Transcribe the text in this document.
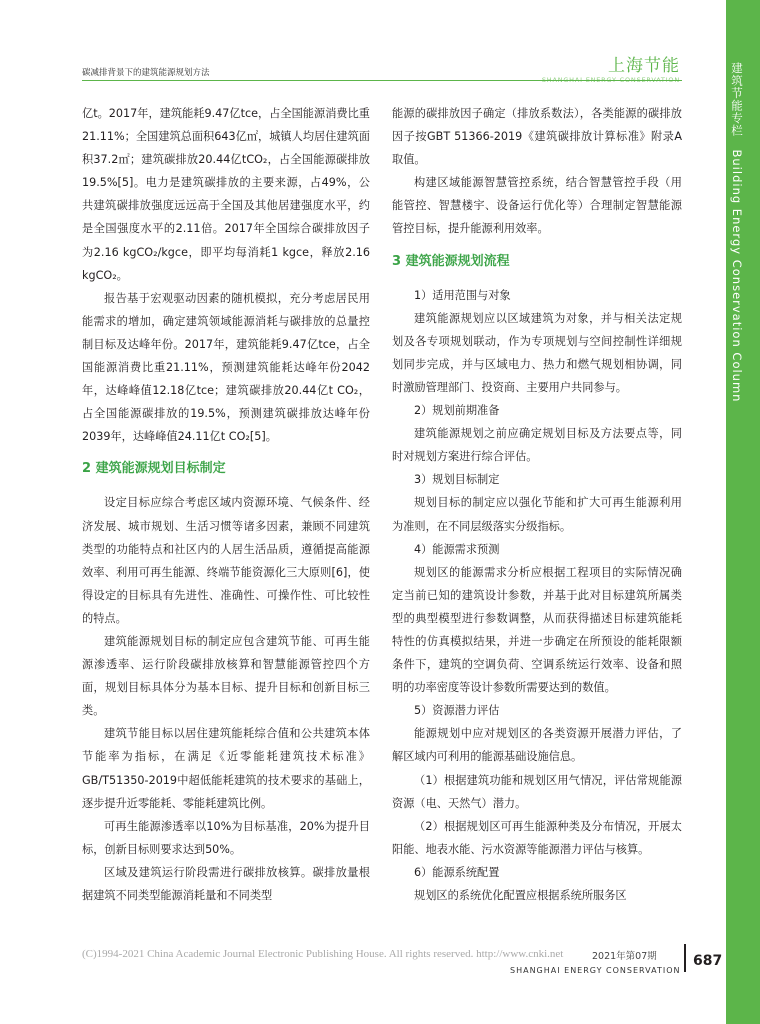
建筑节能专栏　Building Energy Conservation Column
碳减排背景下的建筑能源规划方法	上海节能
SHANGHAI ENERGY CONSERVATION

亿t。2017年，建筑能耗9.47亿tce，占全国能源消费比重21.11%；全国建筑总面积643亿㎡，城镇人均居住建筑面积37.2㎡；建筑碳排放20.44亿tCO₂，占全国能源碳排放19.5%[5]。电力是建筑碳排放的主要来源，占49%，公共建筑碳排放强度远远高于全国及其他居建强度水平，约是全国强度水平的2.11倍。2017年全国综合碳排放因子为2.16 kgCO₂/kgce，即平均每消耗1 kgce，释放2.16 kgCO₂。

报告基于宏观驱动因素的随机模拟，充分考虑居民用能需求的增加，确定建筑领域能源消耗与碳排放的总量控制目标及达峰年份。2017年，建筑能耗9.47亿tce，占全国能源消费比重21.11%，预测建筑能耗达峰年份2042年，达峰峰值12.18亿tce；建筑碳排放20.44亿t CO₂，占全国能源碳排放的19.5%，预测建筑碳排放达峰年份2039年，达峰峰值24.11亿t CO₂[5]。

2 建筑能源规划目标制定

设定目标应综合考虑区域内资源环境、气候条件、经济发展、城市规划、生活习惯等诸多因素，兼顾不同建筑类型的功能特点和社区内的人居生活品质，遵循提高能源效率、利用可再生能源、终端节能资源化三大原则[6]，使得设定的目标具有先进性、准确性、可操作性、可比较性的特点。

建筑能源规划目标的制定应包含建筑节能、可再生能源渗透率、运行阶段碳排放核算和智慧能源管控四个方面，规划目标具体分为基本目标、提升目标和创新目标三类。

建筑节能目标以居住建筑能耗综合值和公共建筑本体节能率为指标，在满足《近零能耗建筑技术标准》GB/T51350-2019中超低能耗建筑的技术要求的基础上，逐步提升近零能耗、零能耗建筑比例。

可再生能源渗透率以10%为目标基准，20%为提升目标，创新目标则要求达到50%。

区域及建筑运行阶段需进行碳排放核算。碳排放量根据建筑不同类型能源消耗量和不同类型

能源的碳排放因子确定（排放系数法），各类能源的碳排放因子按GBT 51366-2019《建筑碳排放计算标准》附录A取值。

构建区域能源智慧管控系统，结合智慧管控手段（用能管控、智慧楼宇、设备运行优化等）合理制定智慧能源管控目标，提升能源利用效率。

3 建筑能源规划流程

1）适用范围与对象

建筑能源规划应以区域建筑为对象，并与相关法定规划及各专项规划联动，作为专项规划与空间控制性详细规划同步完成，并与区域电力、热力和燃气规划相协调，同时激励管理部门、投资商、主要用户共同参与。

2）规划前期准备

建筑能源规划之前应确定规划目标及方法要点等，同时对规划方案进行综合评估。

3）规划目标制定

规划目标的制定应以强化节能和扩大可再生能源利用为准则，在不同层级落实分级指标。

4）能源需求预测

规划区的能源需求分析应根据工程项目的实际情况确定当前已知的建筑设计参数，并基于此对目标建筑所属类型的典型模型进行参数调整，从而获得描述目标建筑能耗特性的仿真模拟结果，并进一步确定在所预设的能耗限额条件下，建筑的空调负荷、空调系统运行效率、设备和照明的功率密度等设计参数所需要达到的数值。

5）资源潜力评估

能源规划中应对规划区的各类资源开展潜力评估，了解区域内可利用的能源基础设施信息。

（1）根据建筑功能和规划区用气情况，评估常规能源资源（电、天然气）潜力。

（2）根据规划区可再生能源种类及分布情况，开展太阳能、地表水能、污水资源等能源潜力评估与核算。

6）能源系统配置

规划区的系统优化配置应根据系统所服务区

(C)1994-2021 China Academic Journal Electronic Publishing House. All rights reserved. http://www.cnki.net	2021年第07期
SHANGHAI ENERGY CONSERVATION
687
